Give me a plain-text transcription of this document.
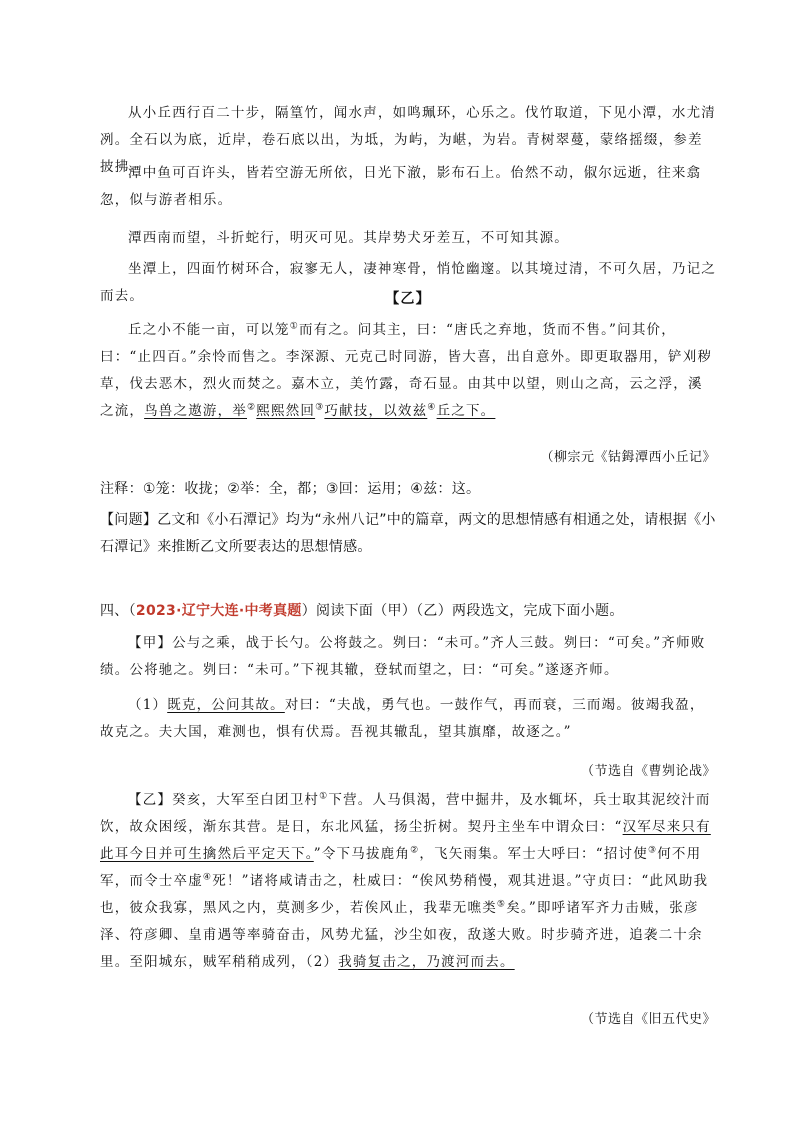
从小丘西行百二十步，隔篁竹，闻水声，如鸣珮环，心乐之。伐竹取道，下见小潭，水尤清冽。全石以为底，近岸，卷石底以出，为坻，为屿，为嵁，为岩。青树翠蔓，蒙络摇缀，参差披拂。

潭中鱼可百许头，皆若空游无所依，日光下澈，影布石上。佁然不动，俶尔远逝，往来翕忽，似与游者相乐。

潭西南而望，斗折蛇行，明灭可见。其岸势犬牙差互，不可知其源。

坐潭上，四面竹树环合，寂寥无人，凄神寒骨，悄怆幽邃。以其境过清，不可久居，乃记之而去。	【乙】

丘之小不能一亩，可以笼①而有之。问其主，曰：“唐氏之弃地，货而不售。”问其价，曰：“止四百。”余怜而售之。李深源、元克己时同游，皆大喜，出自意外。即更取器用，铲刈秽草，伐去恶木，烈火而焚之。嘉木立，美竹露，奇石显。由其中以望，则山之高，云之浮，溪之流，鸟兽之遨游，举②熙熙然回③巧献技，以效兹④丘之下。

（柳宗元《钴鉧潭西小丘记》

注释：①笼：收拢；②举：全，都；③回：运用；④兹：这。

【问题】乙文和《小石潭记》均为“永州八记”中的篇章，两文的思想情感有相通之处，请根据《小石潭记》来推断乙文所要表达的思想情感。

四、（2023·辽宁大连·中考真题）阅读下面（甲）（乙）两段选文，完成下面小题。

【甲】公与之乘，战于长勺。公将鼓之。刿曰：“未可。”齐人三鼓。刿曰：“可矣。”齐师败绩。公将驰之。刿曰：“未可。”下视其辙，登轼而望之，曰：“可矣。”遂逐齐师。

（1）既克，公问其故。对曰：“夫战，勇气也。一鼓作气，再而衰，三而竭。彼竭我盈，故克之。夫大国，难测也，惧有伏焉。吾视其辙乱，望其旗靡，故逐之。”

（节选自《曹刿论战》

【乙】癸亥，大军至白团卫村①下营。人马俱渴，营中掘井，及水辄坏，兵士取其泥绞汁而饮，故众困绥，渐东其营。是日，东北风猛，扬尘折树。契丹主坐车中谓众曰：“汉军尽来只有此耳今日并可生擒然后平定天下。”令下马拔鹿角②，飞矢雨集。军士大呼曰：“招讨使③何不用军，而令士卒虚④死！”诸将咸请击之，杜威曰：“俟风势稍慢，观其进退。”守贞曰：“此风助我也，彼众我寡，黑风之内，莫测多少，若俟风止，我辈无噍类⑤矣。”即呼诸军齐力击贼，张彦泽、符彦卿、皇甫遇等率骑奋击，风势尤猛，沙尘如夜，敌遂大败。时步骑齐进，追袭二十余里。至阳城东，贼军稍稍成列，（2）我骑复击之，乃渡河而去。

（节选自《旧五代史》
